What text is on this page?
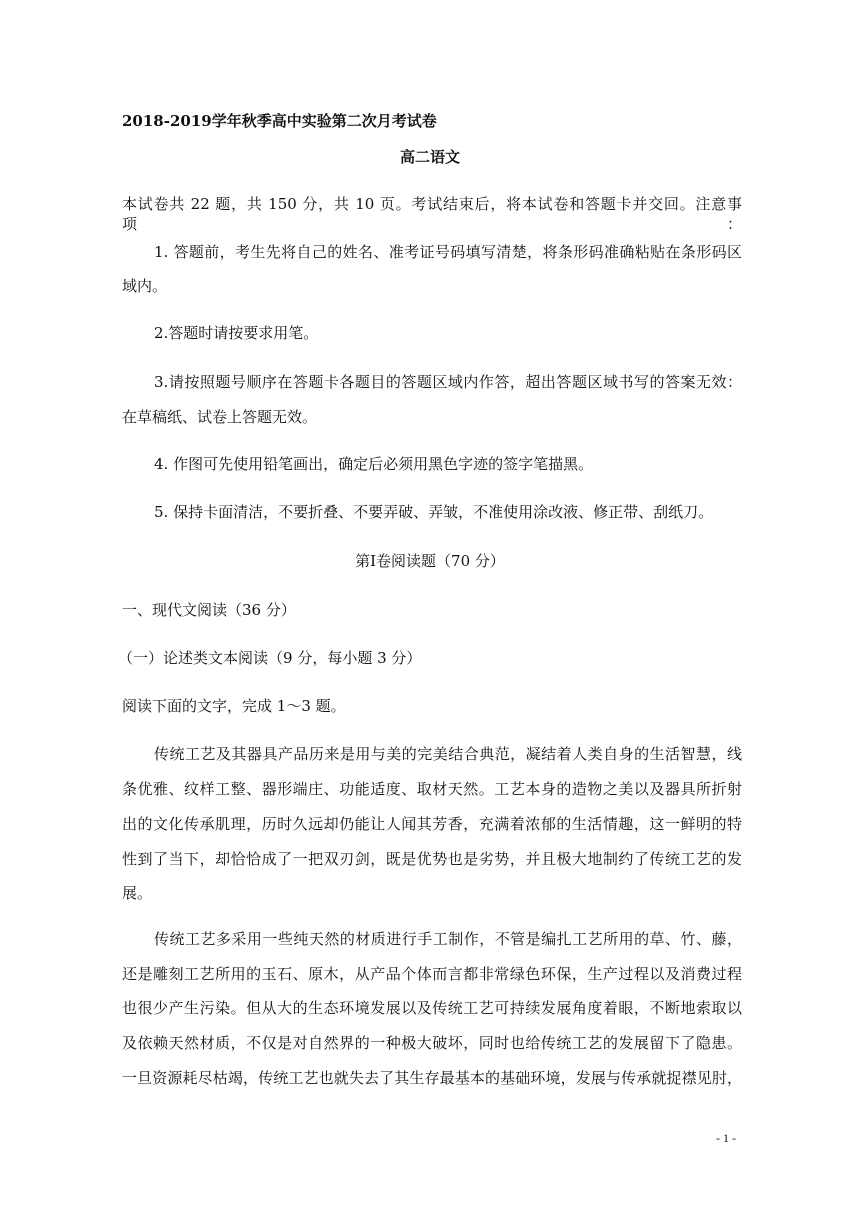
2018-2019学年秋季高中实验第二次月考试卷
高二语文
本试卷共 22 题，共 150 分，共 10 页。考试结束后，将本试卷和答题卡并交回。注意事项：
1. 答题前，考生先将自己的姓名、准考证号码填写清楚，将条形码准确粘贴在条形码区
域内。
2.答题时请按要求用笔。
3.请按照题号顺序在答题卡各题目的答题区域内作答，超出答题区域书写的答案无效：
在草稿纸、试卷上答题无效。
4. 作图可先使用铅笔画出，确定后必须用黑色字迹的签字笔描黑。
5. 保持卡面清洁，不要折叠、不要弄破、弄皱，不准使用涂改液、修正带、刮纸刀。
第Ⅰ卷阅读题（70 分）
一、现代文阅读（36 分）
（一）论述类文本阅读（9 分，每小题 3 分）
阅读下面的文字，完成 1～3 题。
传统工艺及其器具产品历来是用与美的完美结合典范，凝结着人类自身的生活智慧，线
条优雅、纹样工整、器形端庄、功能适度、取材天然。工艺本身的造物之美以及器具所折射
出的文化传承肌理，历时久远却仍能让人闻其芳香，充满着浓郁的生活情趣，这一鲜明的特
性到了当下，却恰恰成了一把双刃剑，既是优势也是劣势，并且极大地制约了传统工艺的发
展。
传统工艺多采用一些纯天然的材质进行手工制作，不管是编扎工艺所用的草、竹、藤，
还是雕刻工艺所用的玉石、原木，从产品个体而言都非常绿色环保，生产过程以及消费过程
也很少产生污染。但从大的生态环境发展以及传统工艺可持续发展角度着眼，不断地索取以
及依赖天然材质，不仅是对自然界的一种极大破坏，同时也给传统工艺的发展留下了隐患。
一旦资源耗尽枯竭，传统工艺也就失去了其生存最基本的基础环境，发展与传承就捉襟见肘，
- 1 -
